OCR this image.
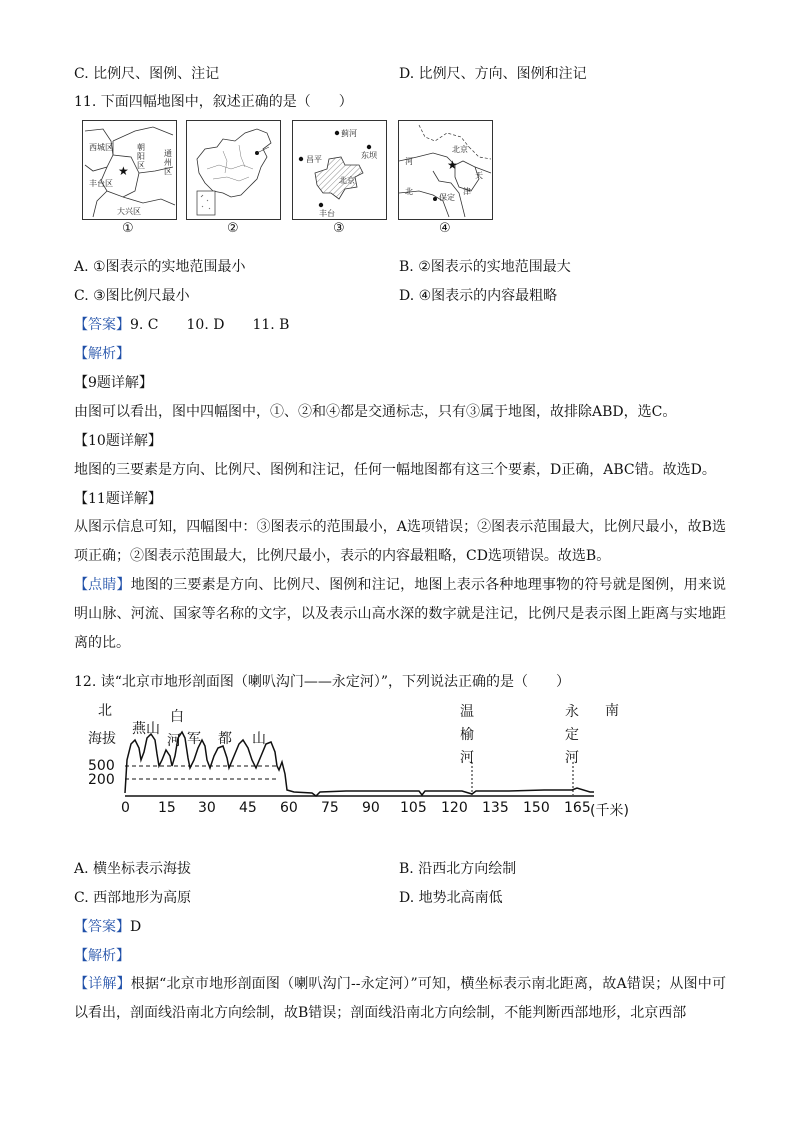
C. 比例尺、图例、注记	D. 比例尺、方向、图例和注记
11. 下面四幅地图中，叙述正确的是（　　）
★
西城区	朝阳区
丰台区
通州区
大兴区
蓟河
东坝
昌平
北京
丰台
★
北京
河
北
保定
天
津
①	②	③	④
A. ①图表示的实地范围最小	B. ②图表示的实地范围最大
C. ③图比例尺最小	D. ④图表示的内容最粗略
【答案】9. C　　10. D　　11. B
【解析】
【9题详解】
由图可以看出，图中四幅图中，①、②和④都是交通标志，只有③属于地图，故排除ABD，选C。
【10题详解】
地图的三要素是方向、比例尺、图例和注记，任何一幅地图都有这三个要素，D正确，ABC错。故选D。
【11题详解】
从图示信息可知，四幅图中：③图表示的范围最小，A选项错误；②图表示范围最大，比例尺最小，故B选项正确；②图表示范围最大，比例尺最小，表示的内容最粗略，CD选项错误。故选B。
【点睛】地图的三要素是方向、比例尺、图例和注记，地图上表示各种地理事物的符号就是图例，用来说明山脉、河流、国家等名称的文字，以及表示山高水深的数字就是注记，比例尺是表示图上距离与实地距离的比。
12. 读“北京市地形剖面图（喇叭沟门——永定河）”，下列说法正确的是（　　）
北	南
海拔
500
200
燕山
白
河 军 都 山
温
榆
河
永
定
河
0 15 30 45 60 75 90 105 120 135 150 165 (千米)
A. 横坐标表示海拔	B. 沿西北方向绘制
C. 西部地形为高原	D. 地势北高南低
【答案】D
【解析】
【详解】根据“北京市地形剖面图（喇叭沟门--永定河）”可知，横坐标表示南北距离，故A错误；从图中可以看出，剖面线沿南北方向绘制，故B错误；剖面线沿南北方向绘制，不能判断西部地形，北京西部
